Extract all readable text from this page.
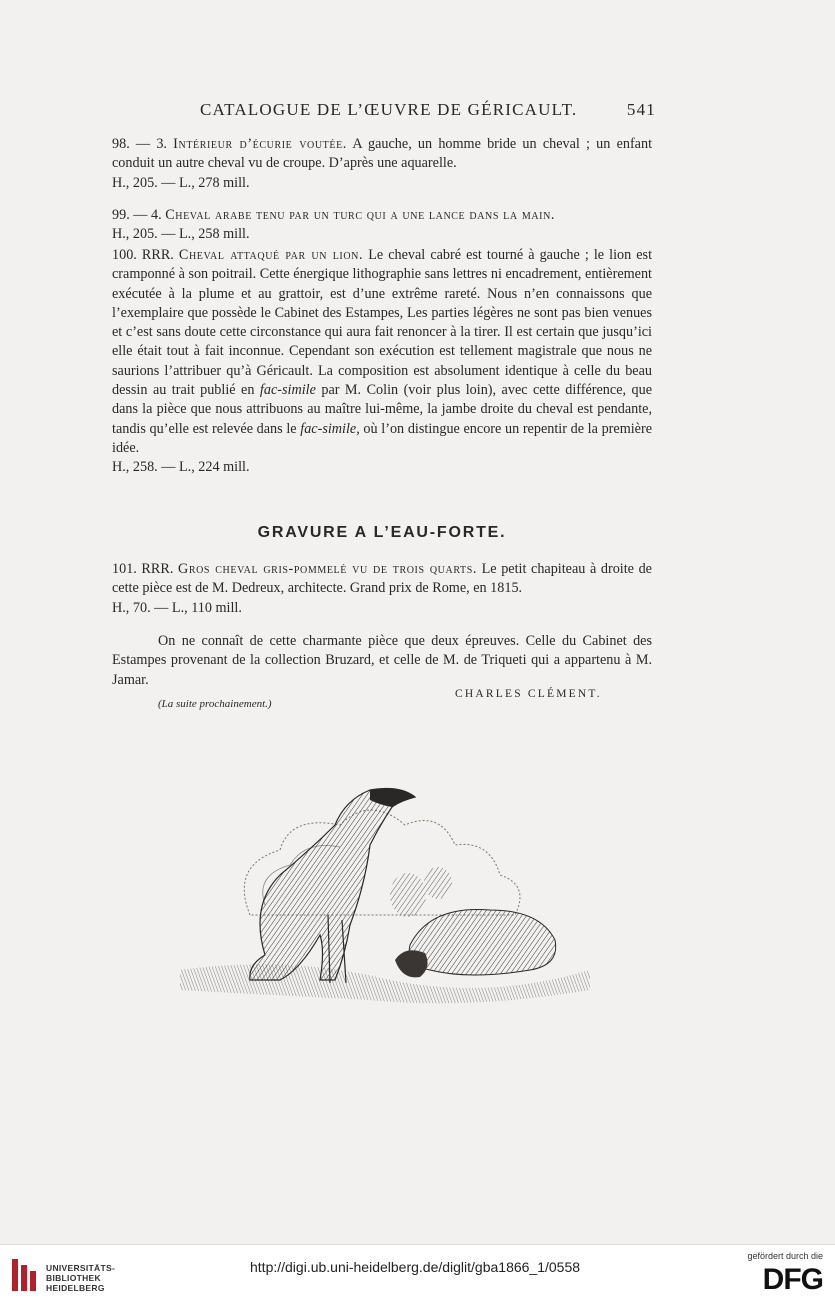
CATALOGUE DE L’ŒUVRE DE GÉRICAULT.	541

98. — 3. Intérieur d’écurie voutée. A gauche, un homme bride un cheval ; un enfant conduit un autre cheval vu de croupe. D’après une aquarelle.

H., 205. — L., 278 mill.

99. — 4. Cheval arabe tenu par un turc qui a une lance dans la main.

H., 205. — L., 258 mill.

100. RRR. Cheval attaqué par un lion. Le cheval cabré est tourné à gauche ; le lion est cramponné à son poitrail. Cette énergique lithographie sans lettres ni encadrement, entièrement exécutée à la plume et au grattoir, est d’une extrême rareté. Nous n’en connaissons que l’exemplaire que possède le Cabinet des Estampes, Les parties légères ne sont pas bien venues et c’est sans doute cette circonstance qui aura fait renoncer à la tirer. Il est certain que jusqu’ici elle était tout à fait inconnue. Cependant son exécution est tellement magistrale que nous ne saurions l’attribuer qu’à Géricault. La composition est absolument identique à celle du beau dessin au trait publié en fac-simile par M. Colin (voir plus loin), avec cette différence, que dans la pièce que nous attribuons au maître lui-même, la jambe droite du cheval est pendante, tandis qu’elle est relevée dans le fac-simile, où l’on distingue encore un repentir de la première idée.

H., 258. — L., 224 mill.

GRAVURE A L’EAU-FORTE.

101. RRR. Gros cheval gris-pommelé vu de trois quarts. Le petit chapiteau à droite de cette pièce est de M. Dedreux, architecte. Grand prix de Rome, en 1815.

H., 70. — L., 110 mill.

On ne connaît de cette charmante pièce que deux épreuves. Celle du Cabinet des Estampes provenant de la collection Bruzard, et celle de M. de Triqueti qui a appartenu à M. Jamar.

CHARLES CLÉMENT.
(La suite prochainement.)
UNIVERSITÄTS-
BIBLIOTHEK
HEIDELBERG
http://digi.ub.uni-heidelberg.de/diglit/gba1866_1/0558
gefördert durch die
DFG
